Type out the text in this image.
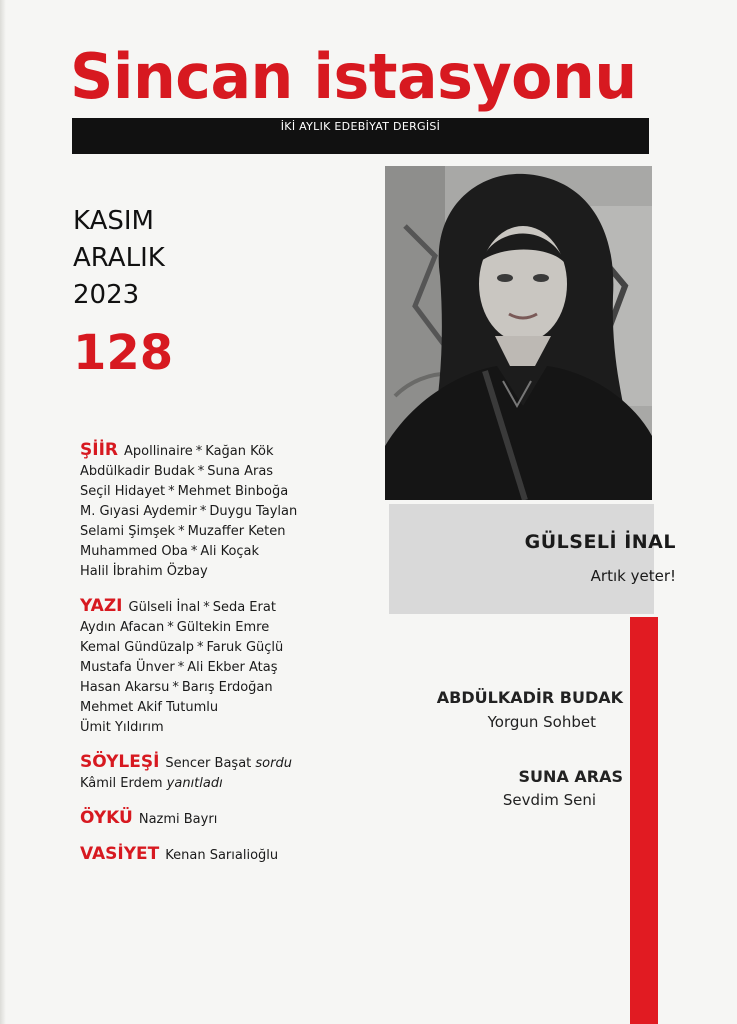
Sincan istasyonu
İKİ AYLIK EDEBİYAT DERGİSİ
KASIM
ARALIK
2023
128
ŞİİR Apollinaire * Kağan Kök
Abdülkadir Budak * Suna Aras
Seçil Hidayet * Mehmet Binboğa
M. Gıyasi Aydemir * Duygu Taylan
Selami Şimşek * Muzaffer Keten
Muhammed Oba * Ali Koçak
Halil İbrahim Özbay
YAZI Gülseli İnal * Seda Erat
Aydın Afacan * Gültekin Emre
Kemal Gündüzalp * Faruk Güçlü
Mustafa Ünver * Ali Ekber Ataş
Hasan Akarsu * Barış Erdoğan
Mehmet Akif Tutumlu
Ümit Yıldırım
SÖYLEŞİ Sencer Başat sordu
Kâmil Erdem yanıtladı
ÖYKÜ Nazmi Bayrı
VASİYET Kenan Sarıalioğlu
GÜLSELİ İNAL
Artık yeter!
ABDÜLKADİR BUDAK
Yorgun Sohbet
SUNA ARAS
Sevdim Seni
